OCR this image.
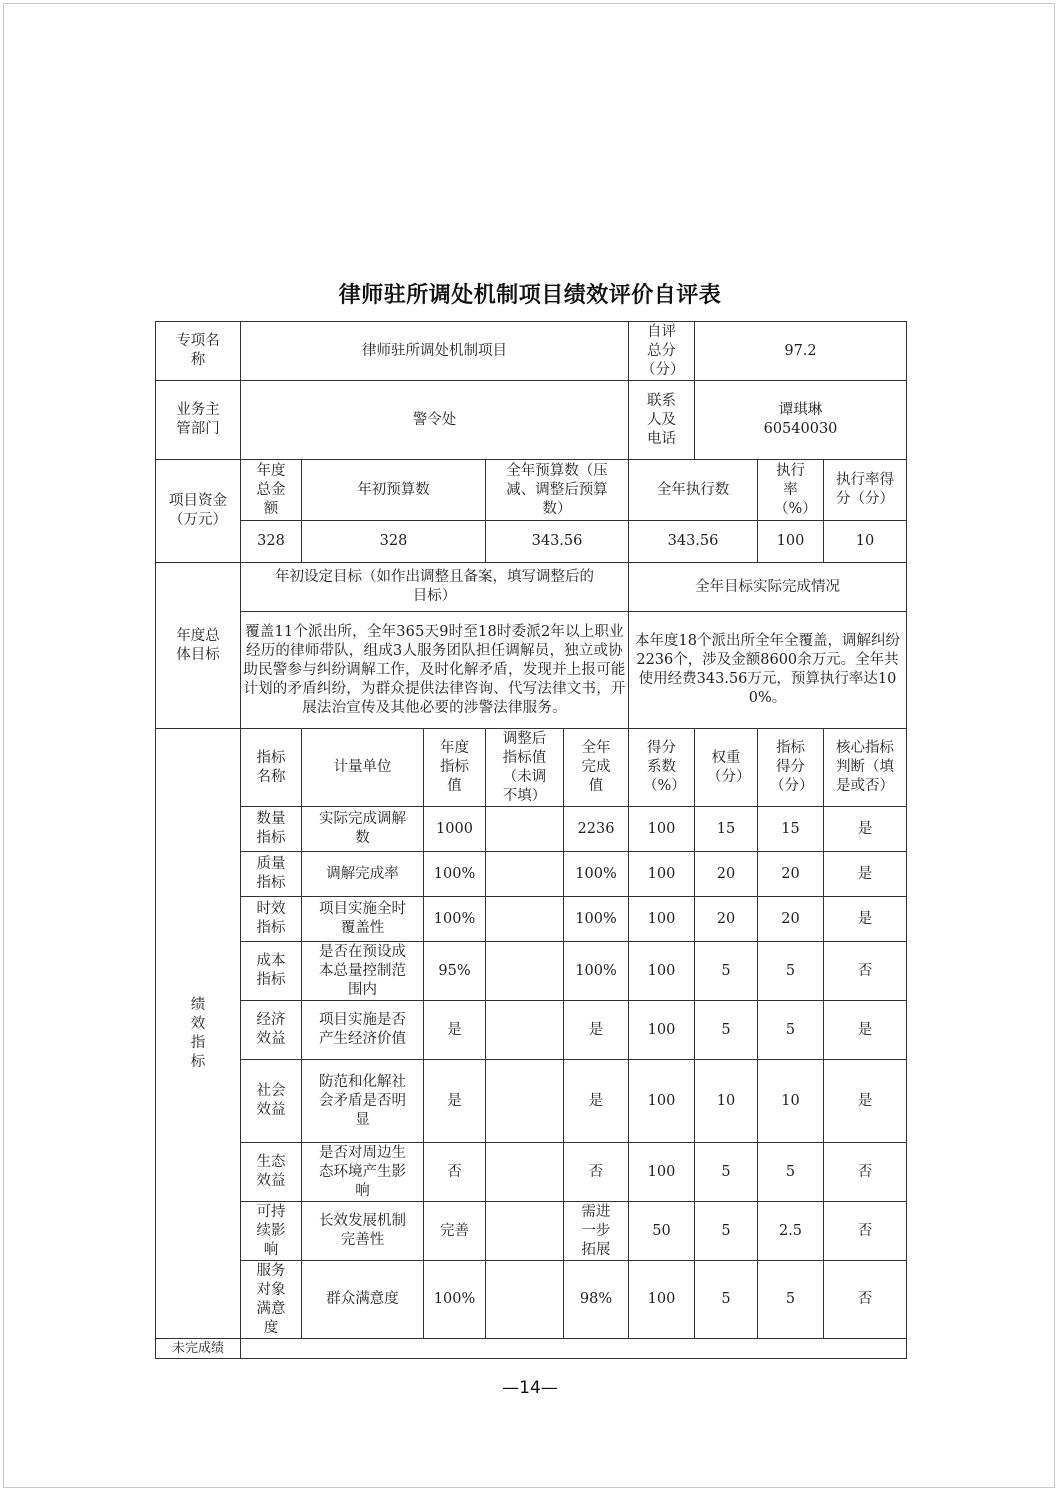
律师驻所调处机制项目绩效评价自评表
专项名称	律师驻所调处机制项目					自评总分（分）	97.2		
业务主管部门	警令处					联系人及电话	谭琪琳
60540030		

项目资金（万元）	年度总金额	年初预算数		全年预算数（压减、调整后预算数）		全年执行数		执行率（%）	执行率得分（分）
	328	328		343.56		343.56		100	10
年度总体目标	年初设定目标（如作出调整且备案，填写调整后的目标）					全年目标实际完成情况			
	覆盖11个派出所，全年365天9时至18时委派2年以上职业经历的律师带队，组成3人服务团队担任调解员，独立或协助民警参与纠纷调解工作，及时化解矛盾，发现并上报可能计划的矛盾纠纷，为群众提供法律咨询、代写法律文书，开展法治宣传及其他必要的涉警法律服务。					本年度18个派出所全年全覆盖，调解纠纷2236个，涉及金额8600余万元。全年共使用经费343.56万元，预算执行率达100%。			

绩效指标	指标名称	计量单位	年度指标值	调整后指标值（未调不填）	全年完成值	得分系数（%）	权重（分）	指标得分（分）	核心指标判断（填是或否）
	数量指标	实际完成调解数	1000		2236	100	15	15	是
	质量指标	调解完成率	100%		100%	100	20	20	是
	时效指标	项目实施全时覆盖性	100%		100%	100	20	20	是
	成本指标	是否在预设成本总量控制范围内	95%		100%	100	5	5	否
	经济效益	项目实施是否产生经济价值	是		是	100	5	5	是
	社会效益	防范和化解社会矛盾是否明显	是		是	100	10	10	是
	生态效益	是否对周边生态环境产生影响	否		否	100	5	5	否
	可持续影响	长效发展机制完善性	完善		需进一步拓展	50	5	2.5	否
	服务对象满意度	群众满意度	100%		98%	100	5	5	否
未完成绩									
—14—
